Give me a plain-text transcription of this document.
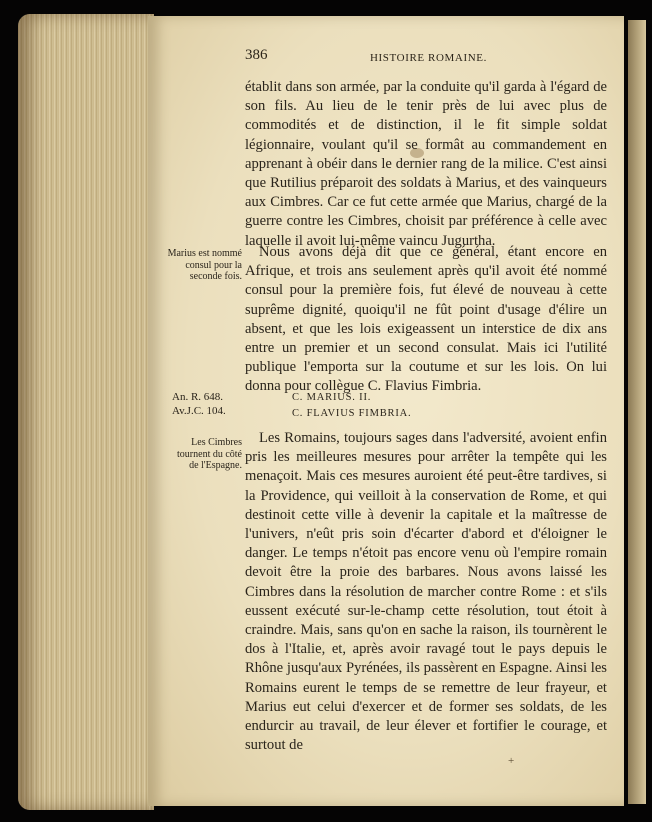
386	HISTOIRE ROMAINE.

établit dans son armée, par la conduite qu'il garda à l'égard de son fils. Au lieu de le tenir près de lui avec plus de commodités et de distinction, il le fit simple soldat légionnaire, voulant qu'il se formât au commandement en apprenant à obéir dans le dernier rang de la milice. C'est ainsi que Rutilius préparoit des soldats à Marius, et des vainqueurs aux Cimbres. Car ce fut cette armée que Marius, chargé de la guerre contre les Cimbres, choisit par préférence à celle avec laquelle il avoit lui-même vaincu Jugurtha.

Marius est nommé consul pour la seconde fois.

Nous avons déjà dit que ce général, étant encore en Afrique, et trois ans seulement après qu'il avoit été nommé consul pour la première fois, fut élevé de nouveau à cette suprême dignité, quoiqu'il ne fût point d'usage d'élire un absent, et que les lois exigeassent un interstice de dix ans entre un premier et un second consulat. Mais ici l'utilité publique l'emporta sur la coutume et sur les lois. On lui donna pour collègue C. Flavius Fimbria.

An. R. 648.

Av.J.C. 104.

C. MARIUS. II.

C. FLAVIUS FIMBRIA.

Les Cimbres tournent du côté de l'Espagne.

Les Romains, toujours sages dans l'adversité, avoient enfin pris les meilleures mesures pour arrêter la tempête qui les menaçoit. Mais ces mesures auroient été peut-être tardives, si la Providence, qui veilloit à la conservation de Rome, et qui destinoit cette ville à devenir la capitale et la maîtresse de l'univers, n'eût pris soin d'écarter d'abord et d'éloigner le danger. Le temps n'étoit pas encore venu où l'empire romain devoit être la proie des barbares. Nous avons laissé les Cimbres dans la résolution de marcher contre Rome : et s'ils eussent exécuté sur-le-champ cette résolution, tout étoit à craindre. Mais, sans qu'on en sache la raison, ils tournèrent le dos à l'Italie, et, après avoir ravagé tout le pays depuis le Rhône jusqu'aux Pyrénées, ils passèrent en Espagne. Ainsi les Romains eurent le temps de se remettre de leur frayeur, et Marius eut celui d'exercer et de former ses soldats, de les endurcir au travail, de leur élever et fortifier le courage, et surtout de

+
